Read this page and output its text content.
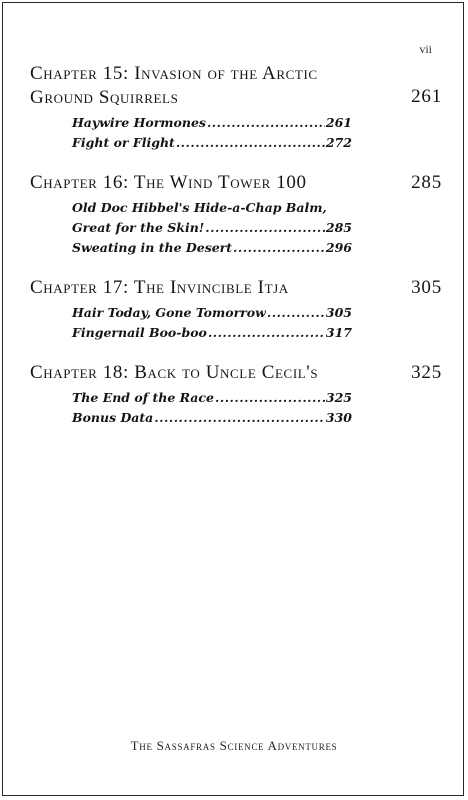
vii
Chapter 15: Invasion of the Arctic
Ground Squirrels	261
Haywire Hormones .....	261
Fight or Flight .....	272
Chapter 16: The Wind Tower 100	285
Old Doc Hibbel's Hide-a-Chap Balm,
Great for the Skin! .....	285
Sweating in the Desert .....	296
Chapter 17: The Invincible Itja	305
Hair Today, Gone Tomorrow .....	305
Fingernail Boo-boo .....	317
Chapter 18: Back to Uncle Cecil's	325
The End of the Race .....	325
Bonus Data .....	330
The Sassafras Science Adventures
